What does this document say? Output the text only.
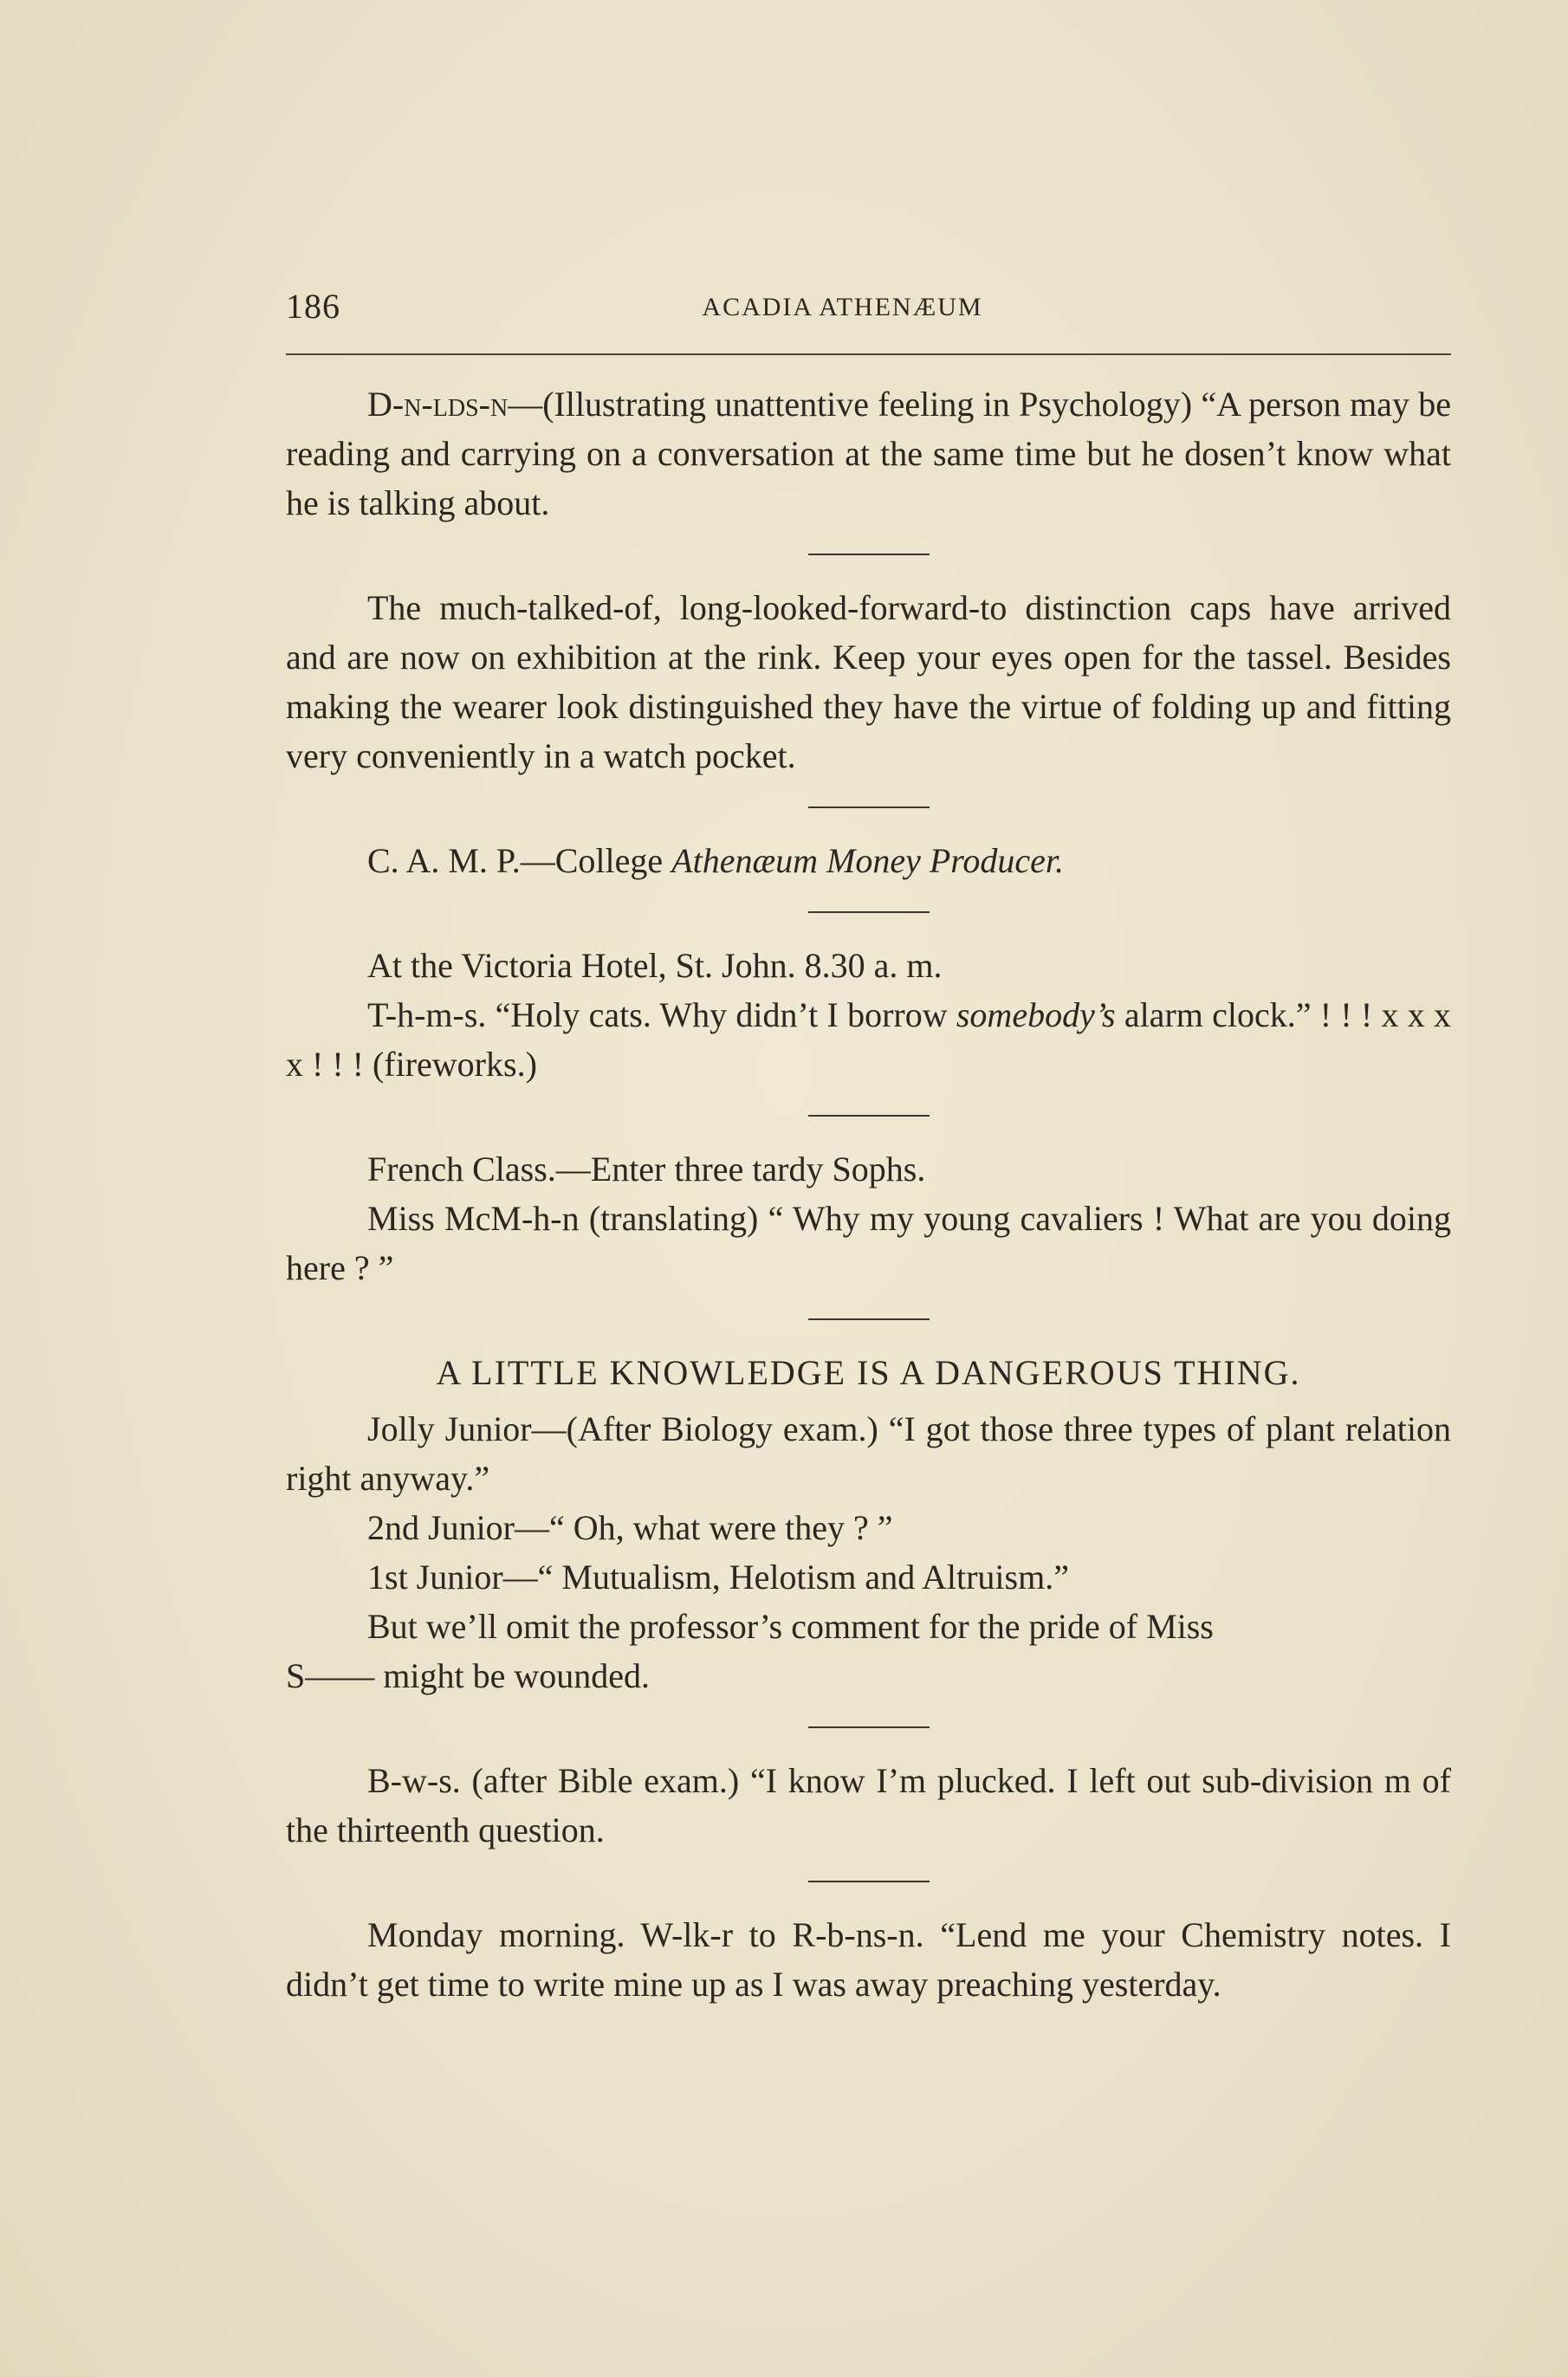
186	ACADIA ATHENÆUM

D-n-lds-n—(Illustrating unattentive feeling in Psychology) “A person may be reading and carrying on a conversation at the same time but he dosen’t know what he is talking about.

The much-talked-of, long-looked-forward-to distinction caps have arrived and are now on exhibition at the rink. Keep your eyes open for the tassel. Besides making the wearer look distinguished they have the virtue of folding up and fitting very conveniently in a watch pocket.

C. A. M. P.—College Athenæum Money Producer.

At the Victoria Hotel, St. John. 8.30 a. m.

T-h-m-s. “Holy cats. Why didn’t I borrow somebody’s alarm clock.” ! ! ! x x x x ! ! ! (fireworks.)

French Class.—Enter three tardy Sophs.

Miss McM-h-n (translating) “ Why my young cavaliers ! What are you doing here ? ”

A LITTLE KNOWLEDGE IS A DANGEROUS THING.

Jolly Junior—(After Biology exam.) “I got those three types of plant relation right anyway.”

2nd Junior—“ Oh, what were they ? ”

1st Junior—“ Mutualism, Helotism and Altruism.”

But we’ll omit the professor’s comment for the pride of Miss

S—— might be wounded.

B-w-s. (after Bible exam.) “I know I’m plucked. I left out sub-division m of the thirteenth question.

Monday morning. W-lk-r to R-b-ns-n. “Lend me your Chemistry notes. I didn’t get time to write mine up as I was away preaching yesterday.
